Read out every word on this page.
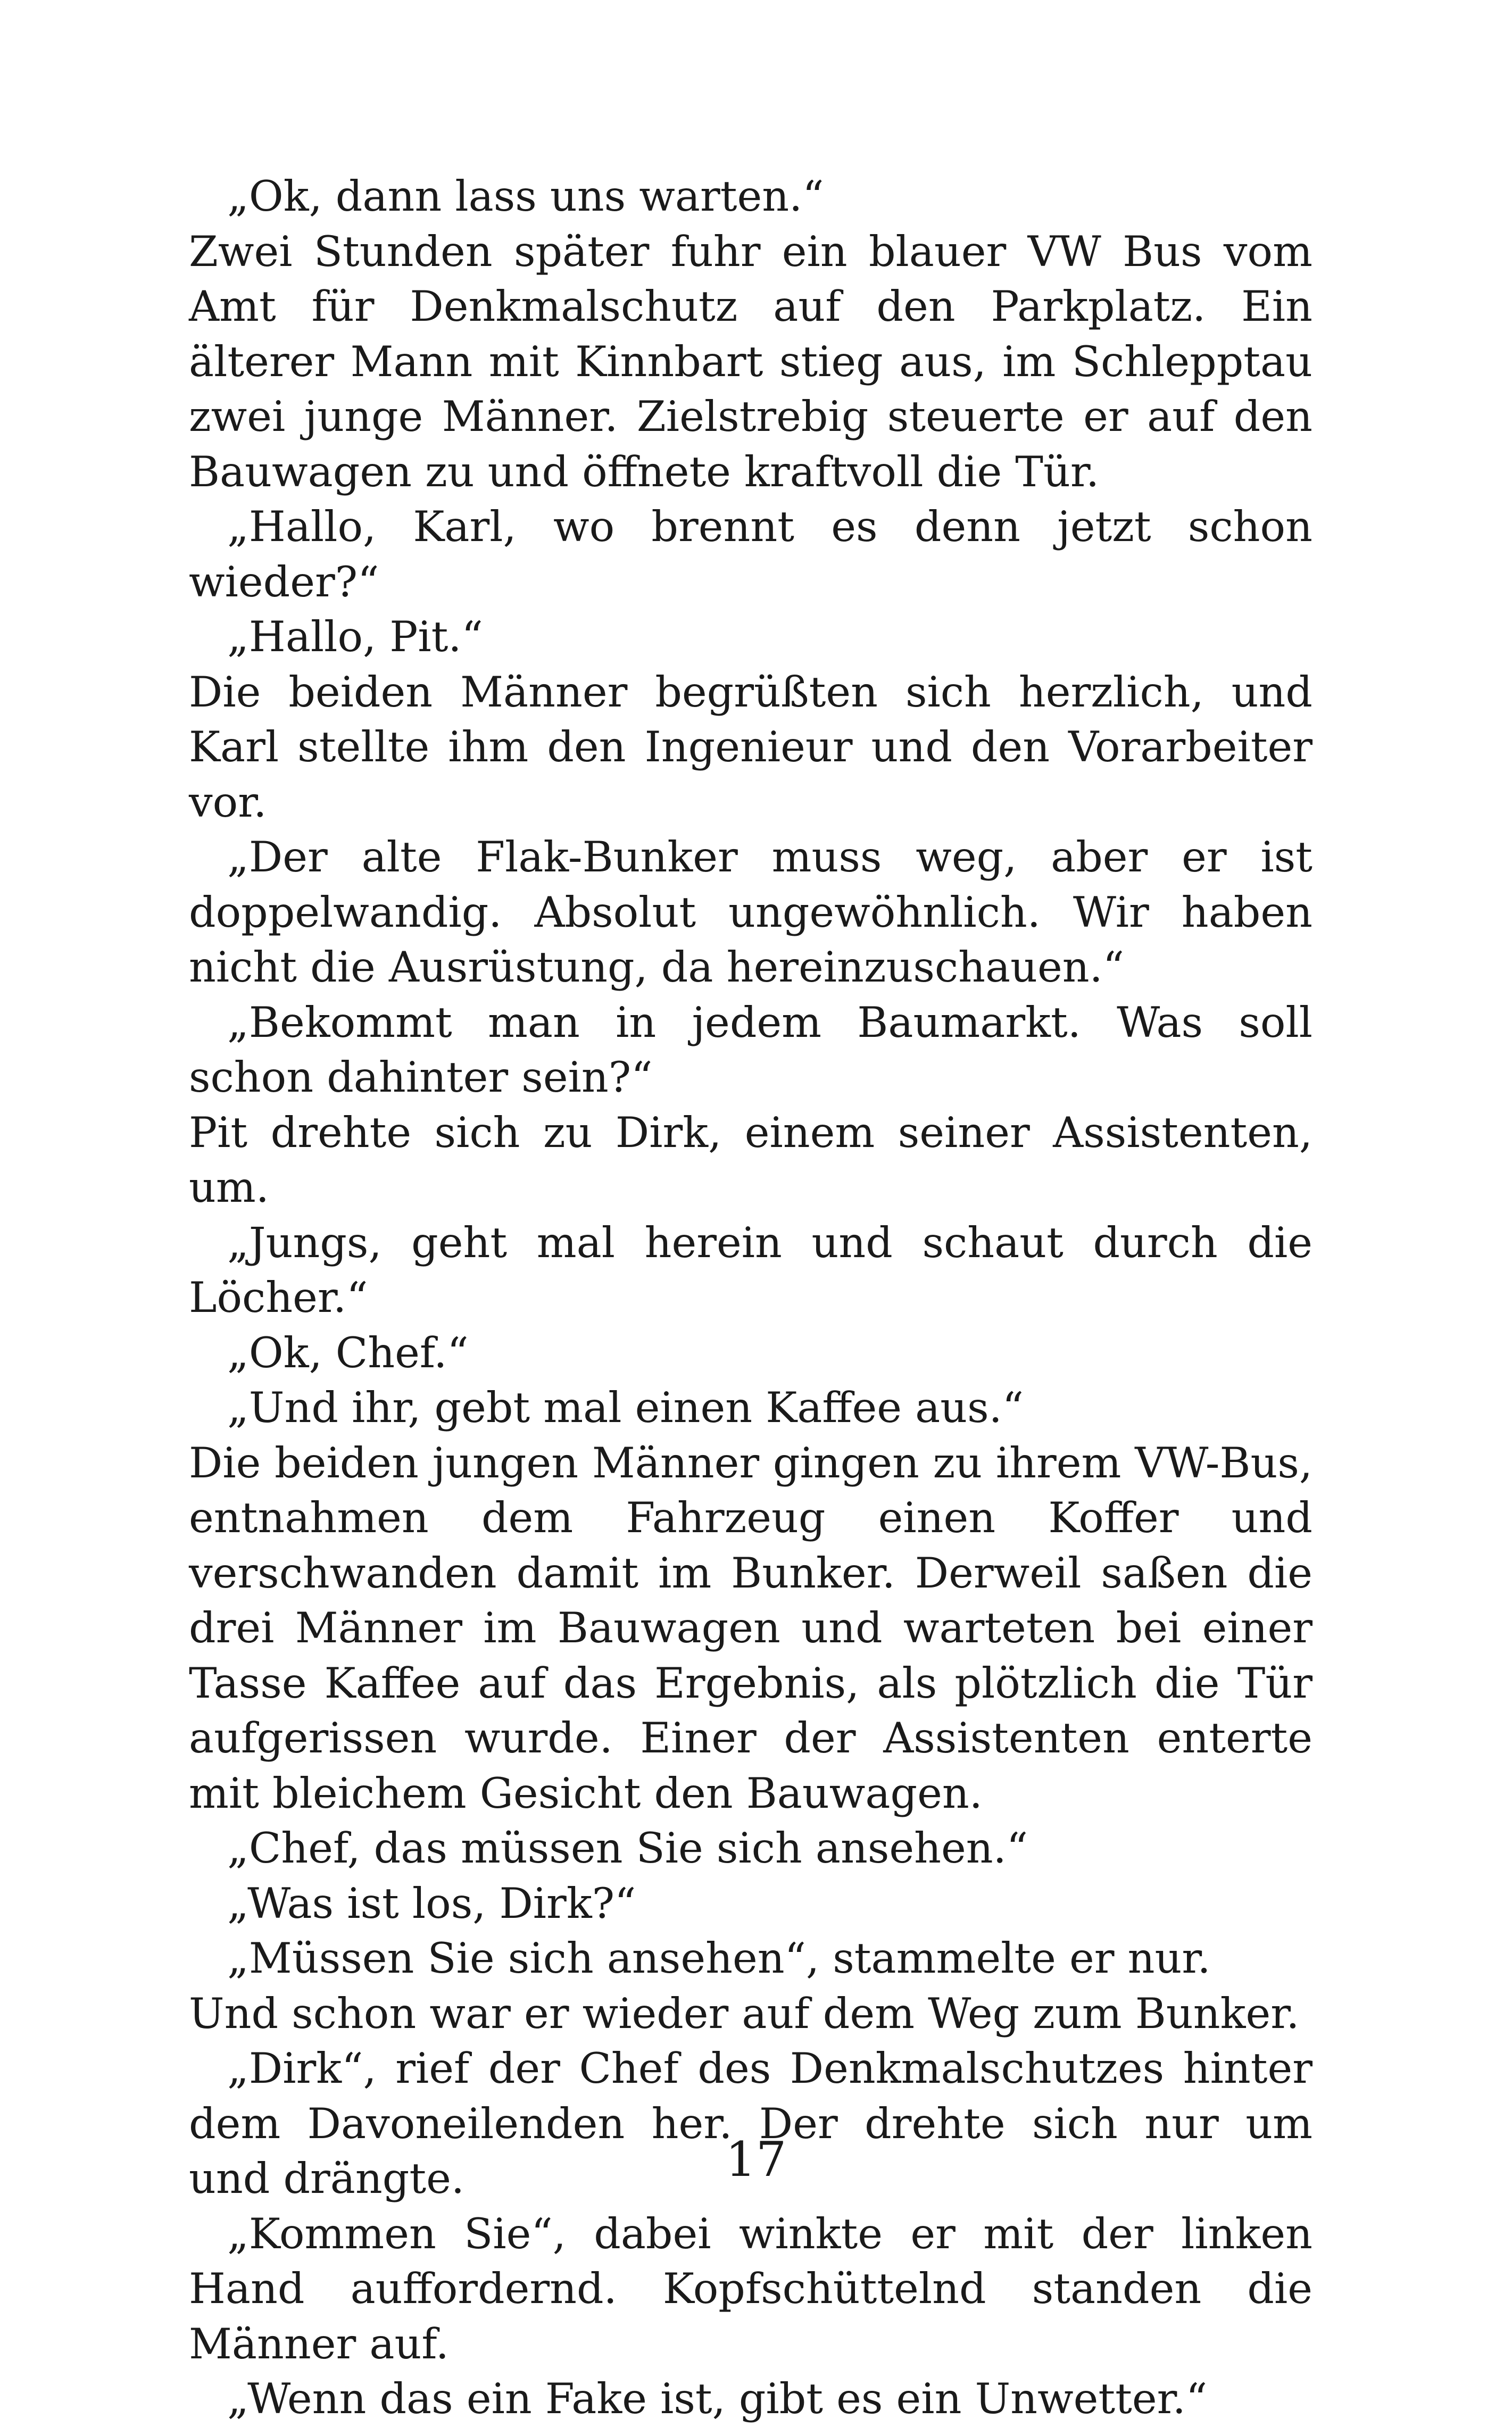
„Ok, dann lass uns warten.“

Zwei Stunden später fuhr ein blauer VW Bus vom Amt für Denkmalschutz auf den Parkplatz. Ein älterer Mann mit Kinnbart stieg aus, im Schlepptau zwei junge Männer. Zielstrebig steuerte er auf den Bauwagen zu und öffnete kraftvoll die Tür.

„Hallo, Karl, wo brennt es denn jetzt schon wieder?“

„Hallo, Pit.“

Die beiden Männer begrüßten sich herzlich, und Karl stellte ihm den Ingenieur und den Vorarbeiter vor.

„Der alte Flak-Bunker muss weg, aber er ist doppelwandig. Absolut ungewöhnlich. Wir haben nicht die Ausrüstung, da hereinzuschauen.“

„Bekommt man in jedem Baumarkt. Was soll schon dahinter sein?“

Pit drehte sich zu Dirk, einem seiner Assistenten, um.

„Jungs, geht mal herein und schaut durch die Löcher.“

„Ok, Chef.“

„Und ihr, gebt mal einen Kaffee aus.“

Die beiden jungen Männer gingen zu ihrem VW-Bus, entnahmen dem Fahrzeug einen Koffer und verschwanden damit im Bunker. Derweil saßen die drei Männer im Bauwagen und warteten bei einer Tasse Kaffee auf das Ergebnis, als plötzlich die Tür aufgerissen wurde. Einer der Assistenten enterte mit bleichem Gesicht den Bauwagen.

„Chef, das müssen Sie sich ansehen.“

„Was ist los, Dirk?“

„Müssen Sie sich ansehen“, stammelte er nur.

Und schon war er wieder auf dem Weg zum Bunker.

„Dirk“, rief der Chef des Denkmalschutzes hinter dem Davoneilenden her. Der drehte sich nur um und drängte.

„Kommen Sie“, dabei winkte er mit der linken Hand auffordernd. Kopfschüttelnd standen die Männer auf.

„Wenn das ein Fake ist, gibt es ein Unwetter.“

17
